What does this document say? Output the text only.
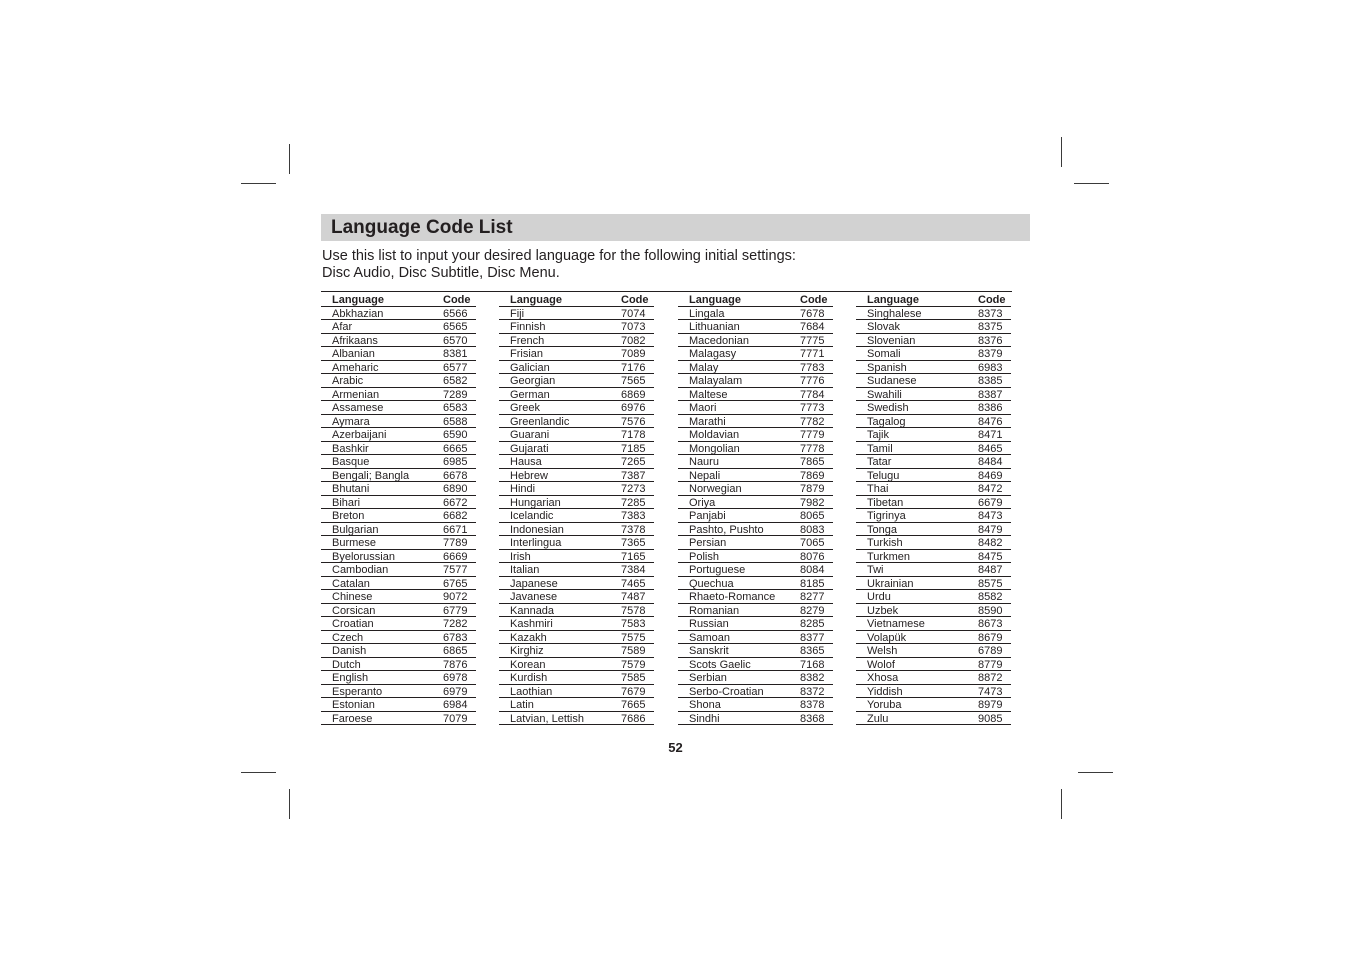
Language Code List
Use this list to input your desired language for the following initial settings:
Disc Audio, Disc Subtitle, Disc Menu.
Language	Code
Abkhazian	6566
Afar	6565
Afrikaans	6570
Albanian	8381
Ameharic	6577
Arabic	6582
Armenian	7289
Assamese	6583
Aymara	6588
Azerbaijani	6590
Bashkir	6665
Basque	6985
Bengali; Bangla	6678
Bhutani	6890
Bihari	6672
Breton	6682
Bulgarian	6671
Burmese	7789
Byelorussian	6669
Cambodian	7577
Catalan	6765
Chinese	9072
Corsican	6779
Croatian	7282
Czech	6783
Danish	6865
Dutch	7876
English	6978
Esperanto	6979
Estonian	6984
Faroese	7079
Language	Code
Fiji	7074
Finnish	7073
French	7082
Frisian	7089
Galician	7176
Georgian	7565
German	6869
Greek	6976
Greenlandic	7576
Guarani	7178
Gujarati	7185
Hausa	7265
Hebrew	7387
Hindi	7273
Hungarian	7285
Icelandic	7383
Indonesian	7378
Interlingua	7365
Irish	7165
Italian	7384
Japanese	7465
Javanese	7487
Kannada	7578
Kashmiri	7583
Kazakh	7575
Kirghiz	7589
Korean	7579
Kurdish	7585
Laothian	7679
Latin	7665
Latvian, Lettish	7686
Language	Code
Lingala	7678
Lithuanian	7684
Macedonian	7775
Malagasy	7771
Malay	7783
Malayalam	7776
Maltese	7784
Maori	7773
Marathi	7782
Moldavian	7779
Mongolian	7778
Nauru	7865
Nepali	7869
Norwegian	7879
Oriya	7982
Panjabi	8065
Pashto, Pushto	8083
Persian	7065
Polish	8076
Portuguese	8084
Quechua	8185
Rhaeto-Romance 8277
Romanian	8279
Russian	8285
Samoan	8377
Sanskrit	8365
Scots Gaelic	7168
Serbian	8382
Serbo-Croatian	8372
Shona	8378
Sindhi	8368
Language	Code
Singhalese	8373
Slovak	8375
Slovenian	8376
Somali	8379
Spanish	6983
Sudanese	8385
Swahili	8387
Swedish	8386
Tagalog	8476
Tajik	8471
Tamil	8465
Tatar	8484
Telugu	8469
Thai	8472
Tibetan	6679
Tigrinya	8473
Tonga	8479
Turkish	8482
Turkmen	8475
Twi	8487
Ukrainian	8575
Urdu	8582
Uzbek	8590
Vietnamese	8673
Volapük	8679
Welsh	6789
Wolof	8779
Xhosa	8872
Yiddish	7473
Yoruba	8979
Zulu	9085
52
